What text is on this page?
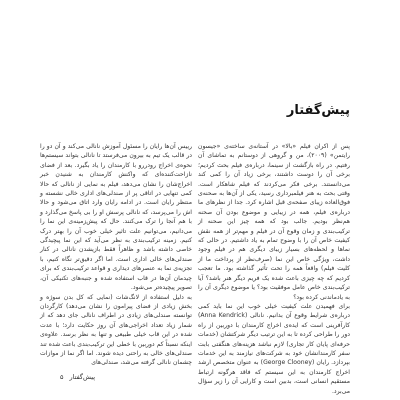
پیش‌گفتار

پس از اکران فیلم «بالا» در آستانه‌ی ساخته‌ی «جیسون رایتمن» (۲۰۰۹)، من و گروهی از دوستانم به تماشای آن رفتیم. در راه بازگشت از سینما، درباره‌ی فیلم بحث کردیم؛ برخی آن را دوست داشتند، برخی زیاد آن را کمی کند می‌دانستند. برخی فکر می‌کردند که فیلم شاهکار است. وقتی بحث به هنر فیلمبرداری رسید، یکی از آن‌ها به صحنه‌ی فوق‌العاده زیبای صفحه‌ی قبل اشاره کرد. جدا از نظرهای ما درباره‌ی فیلم، همه در زیبایی و موضوع بودن آن صحنه هم‌نظر بودیم. جالب بود که همه چیز این صحنه از ترکیب‌بندی و زمان وقوع آن در فیلم و مهم‌تر از همه نقش کیفیت خاص آن را با وضوح تمام به یاد داشتیم. در حالی که نماها و لحظه‌های بسیار زیبای دیگری هم در فیلم وجود داشت، ویژگی خاص این نما (صرف‌نظر از پرداخت ما از کلیت فیلم) واقعاً همه را تحت تأثیر گذاشته بود. ما تعجب کردیم که چه چیزی باعث شده یک فریم دیگر هنر باشد؟ آیا ترکیب‌بندی خاص عامل موفقیت بود؟ یا موضوع دیگری آن را به یادماندنی کرده بود؟

برای فهمیدن علت کیفیت خیلی خوب این نما باید کمی درباره‌ی شرایط وقوع آن بدانیم. نانالی (Anna Kendrick) کارآفرینی است که ایده‌ی اخراج کارمندان با دوربین از راه دور را طراحی کرده تا به این ترتیب دیگر شرکتشان (خدمات حرفه‌ای پایان کار تجاری) لازم نباشد هزینه‌های هنگفتی بابت سفر کارمندانشان خود به شرکت‌های نیازمند به این خدمات بپردازد. رایان (George Clooney) به عنوان متخصص ارشد اخراج کارمندان به این سیستم که فاقد هرگونه ارتباط مستقیم انسانی است، بدبین است و کارایی آن را زیر سؤال می‌برد.

رییس آن‌ها رایان را مسئول آموزش نانالی می‌کند و آن دو را در قالب یک تیم به بیرون می‌فرستد تا نانالی بتواند سیستم‌ها نحوه‌ی اخراج رودررو با کارمندان را یاد بگیرد. بعد از فضای نازاحت‌کننده‌ای که واکنش کارمندان به شنیدن خبر اخراج‌شان را نشان می‌دهد، فیلم به نمایی از نانالی که حالا کمی تنهایی در اتاقی پر از صندلی‌های اداری خالی نشسته و منتظر رایان است. در ادامه رایان وارد اتاق می‌شود و حالا اش را می‌پرسد، که نانالی پرسش او را بی پاسخ می‌گذارد و با هم آنجا را ترک می‌کنند. حال که پیش‌زمینه‌ی این نما را می‌دانیم، می‌توانیم علت تاثیر خیلی خوب آن را بهتر درک کنیم. زمینه ترکیب‌بندی به نظر می‌آید که این نما پیچیدگی خاصی داشته باشد و ظاهراً فقط بازیشدن نانالی در کنار صندلی‌های خالی اداری است. اما اگر دقیق‌تر نگاه کنیم، با تجزیه‌ی نما به عنصرهای دیداری و قواعد ترکیب‌بندی که برای چیدمان آن‌ها در قاب استفاده شده و جنبه‌های تکنیکی آن، تصویر پیچیده‌تر می‌شود.

به دلیل استفاده از لانگ‌شات (نمایی که کل بدن سوژه و بخش زیادی از فضای پیرامون را نشان می‌دهد) کارگردان توانسته صندلی‌های زیادی در اطراف نانالی جای دهد که از شمار زیاد تعداد اخراجی‌های آن روز حکایت دارد؛ با عدت شده در این قاب خیلی طبیعی و تنها به نظر برسد. علاوه‌ی اینکه نسبتاً کم دوربین با خطی این ترکیب‌بندی باعث شده تند صندلی‌های خالی به راحتی دیده شوند. اما اگر نما از موازات چشمان نانالی گرفته می‌شد، صندلی‌های

پیش‌گفتار۵
